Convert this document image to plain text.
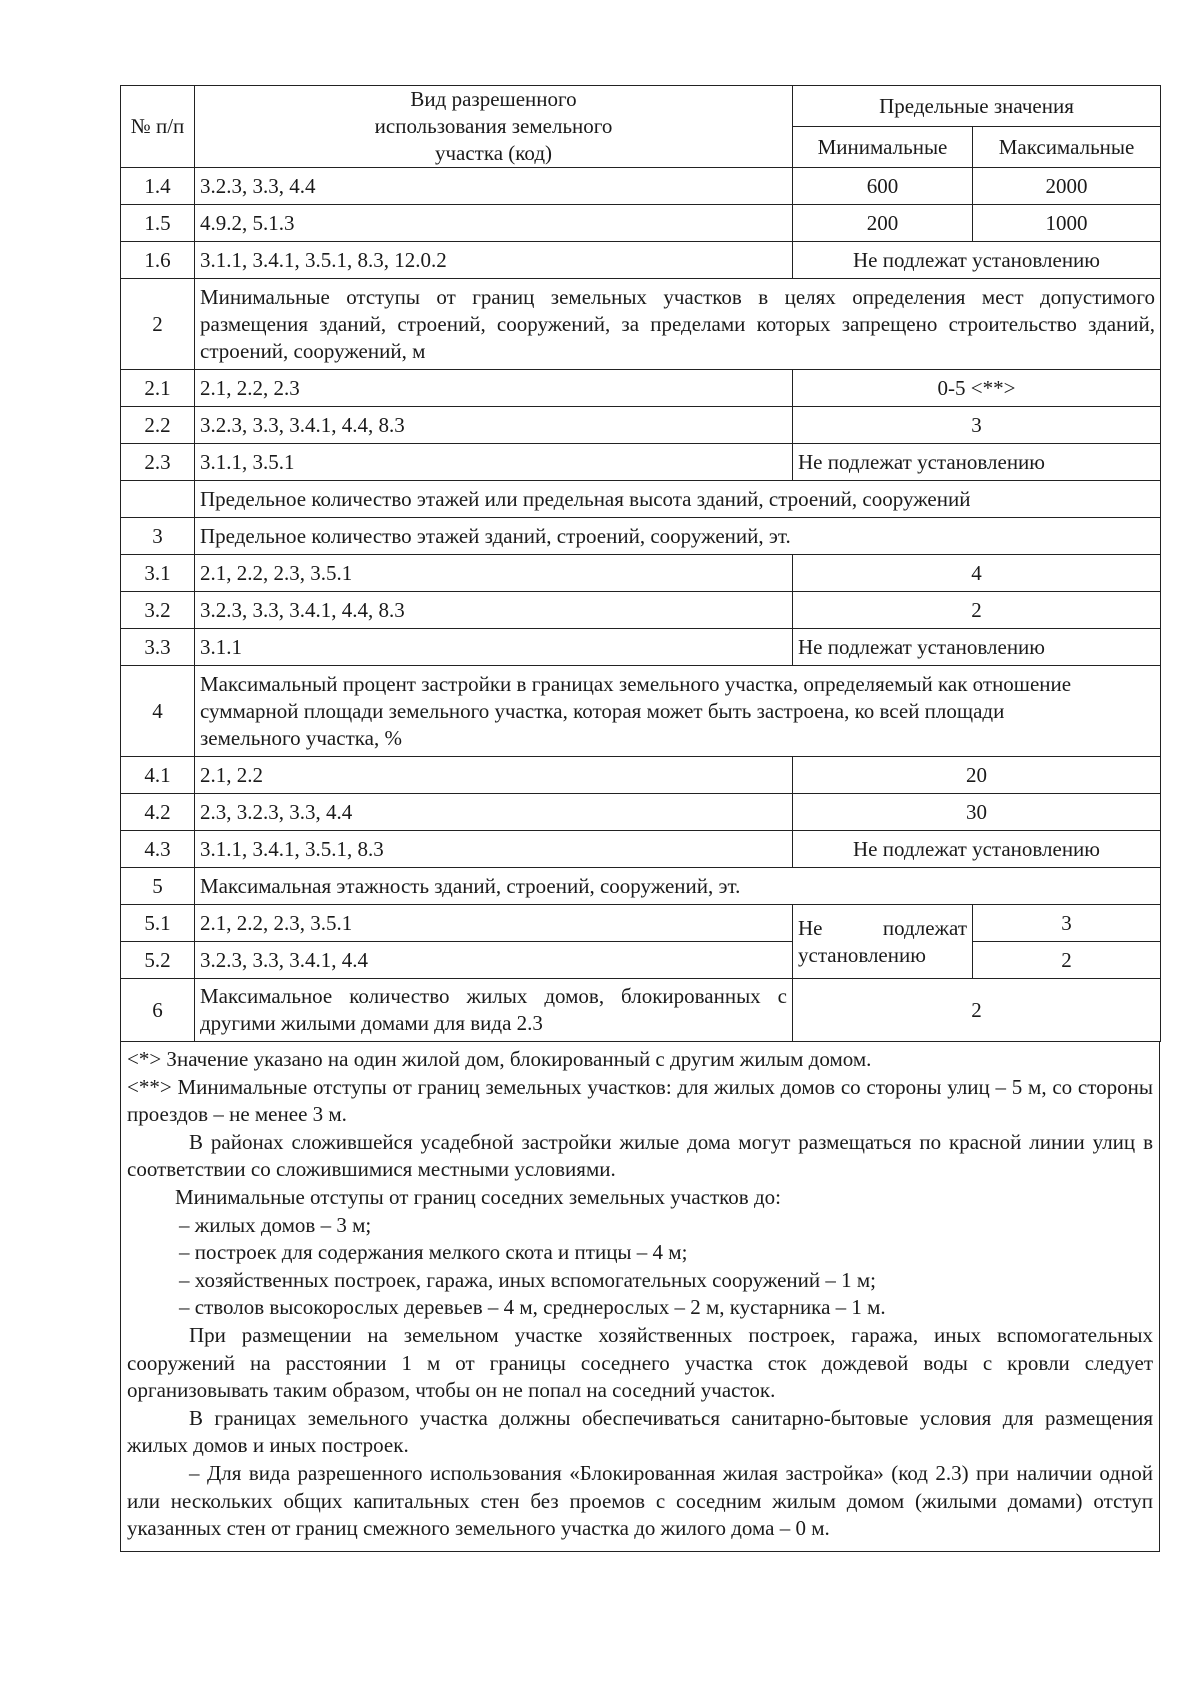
№ п/п	Вид разрешенного использования земельного участка (код)	Предельные значения	
		Минимальные	Максимальные
1.4	3.2.3, 3.3, 4.4	600	2000
1.5	4.9.2, 5.1.3	200	1000
1.6	3.1.1, 3.4.1, 3.5.1, 8.3, 12.0.2	Не подлежат установлению	
2	Минимальные отступы от границ земельных участков в целях определения мест допустимого размещения зданий, строений, сооружений, за пределами которых запрещено строительство зданий, строений, сооружений, м		
2.1	2.1, 2.2, 2.3	0-5 <**>	
2.2	3.2.3, 3.3, 3.4.1, 4.4, 8.3	3	
2.3	3.1.1, 3.5.1	Не подлежат установлению	
	Предельное количество этажей или предельная высота зданий, строений, сооружений		
3	Предельное количество этажей зданий, строений, сооружений, эт.		
3.1	2.1, 2.2, 2.3, 3.5.1	4	
3.2	3.2.3, 3.3, 3.4.1, 4.4, 8.3	2	
3.3	3.1.1	Не подлежат установлению	
4	Максимальный процент застройки в границах земельного участка, определяемый как отношение суммарной площади земельного участка, которая может быть застроена, ко всей площади земельного участка, %		
4.1	2.1, 2.2	20	
4.2	2.3, 3.2.3, 3.3, 4.4	30	
4.3	3.1.1, 3.4.1, 3.5.1, 8.3	Не подлежат установлению	
5	Максимальная этажность зданий, строений, сооружений, эт.		
5.1	2.1, 2.2, 2.3, 3.5.1	Не подлежат установлению	3
5.2	3.2.3, 3.3, 3.4.1, 4.4		2
6	Максимальное количество жилых домов, блокированных с другими жилыми домами для вида 2.3	2	

<*> Значение указано на один жилой дом, блокированный с другим жилым домом.

<**> Минимальные отступы от границ земельных участков: для жилых домов со стороны улиц – 5 м, со стороны проездов – не менее 3 м.

В районах сложившейся усадебной застройки жилые дома могут размещаться по красной линии улиц в соответствии со сложившимися местными условиями.

Минимальные отступы от границ соседних земельных участков до:

– жилых домов – 3 м;

– построек для содержания мелкого скота и птицы – 4 м;

– хозяйственных построек, гаража, иных вспомогательных сооружений – 1 м;

– стволов высокорослых деревьев – 4 м, среднерослых – 2 м, кустарника – 1 м.

При размещении на земельном участке хозяйственных построек, гаража, иных вспомогательных сооружений на расстоянии 1 м от границы соседнего участка сток дождевой воды с кровли следует организовывать таким образом, чтобы он не попал на соседний участок.

В границах земельного участка должны обеспечиваться санитарно-бытовые условия для размещения жилых домов и иных построек.

– Для вида разрешенного использования «Блокированная жилая застройка» (код 2.3) при наличии одной или нескольких общих капитальных стен без проемов с соседним жилым домом (жилыми домами) отступ указанных стен от границ смежного земельного участка до жилого дома – 0 м.
